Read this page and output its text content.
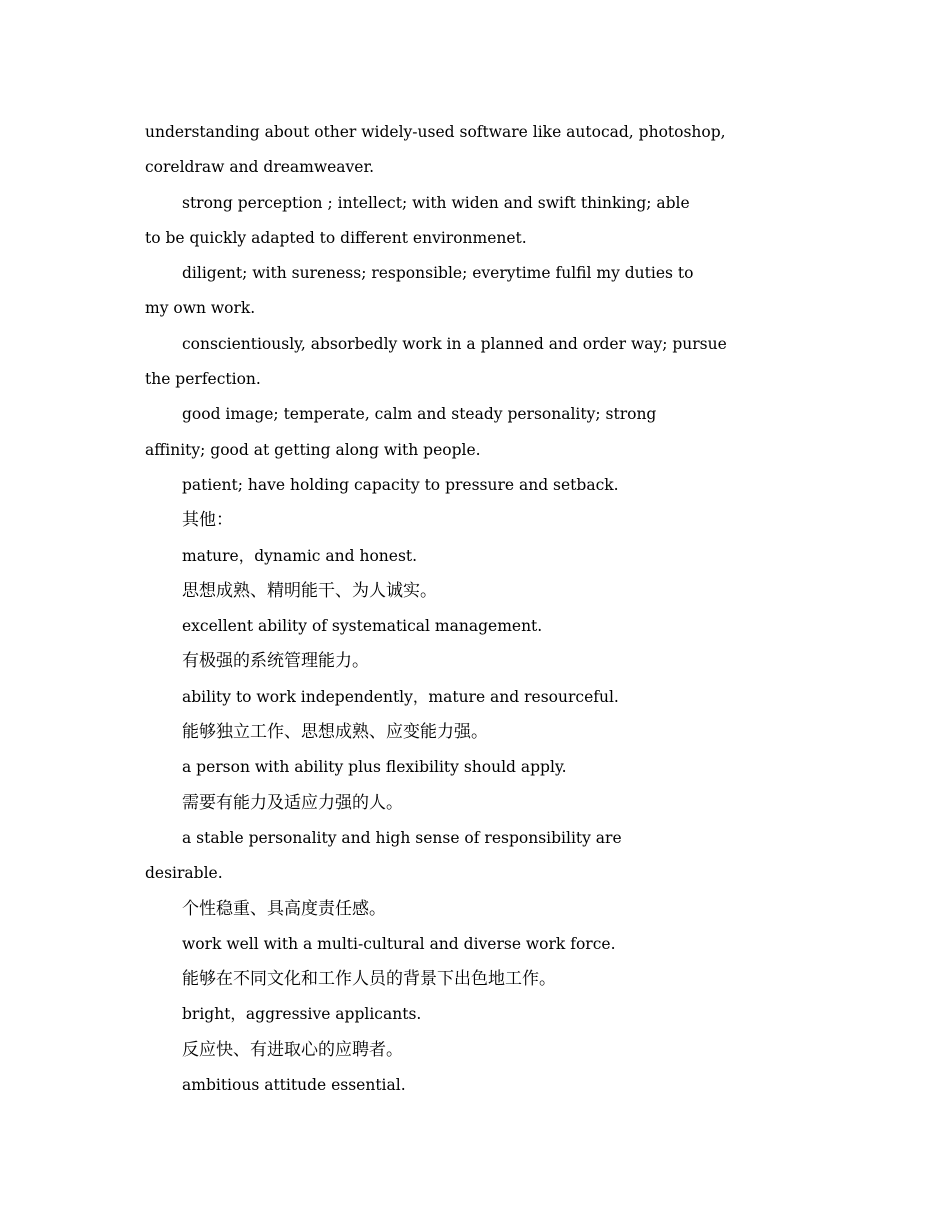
understanding about other widely-used software like autocad, photoshop,
coreldraw and dreamweaver.
strong perception ; intellect; with widen and swift thinking; able
to be quickly adapted to different environmenet.
diligent; with sureness; responsible; everytime fulfil my duties to
my own work.
conscientiously, absorbedly work in a planned and order way; pursue
the perfection.
good image; temperate, calm and steady personality; strong
affinity; good at getting along with people.
patient; have holding capacity to pressure and setback.
其他：
mature，dynamic and honest.
思想成熟、精明能干、为人诚实。
excellent ability of systematical management.
有极强的系统管理能力。
ability to work independently，mature and resourceful.
能够独立工作、思想成熟、应变能力强。
a person with ability plus flexibility should apply.
需要有能力及适应力强的人。
a stable personality and high sense of responsibility are
desirable.
个性稳重、具高度责任感。
work well with a multi-cultural and diverse work force.
能够在不同文化和工作人员的背景下出色地工作。
bright，aggressive applicants.
反应快、有进取心的应聘者。
ambitious attitude essential.
